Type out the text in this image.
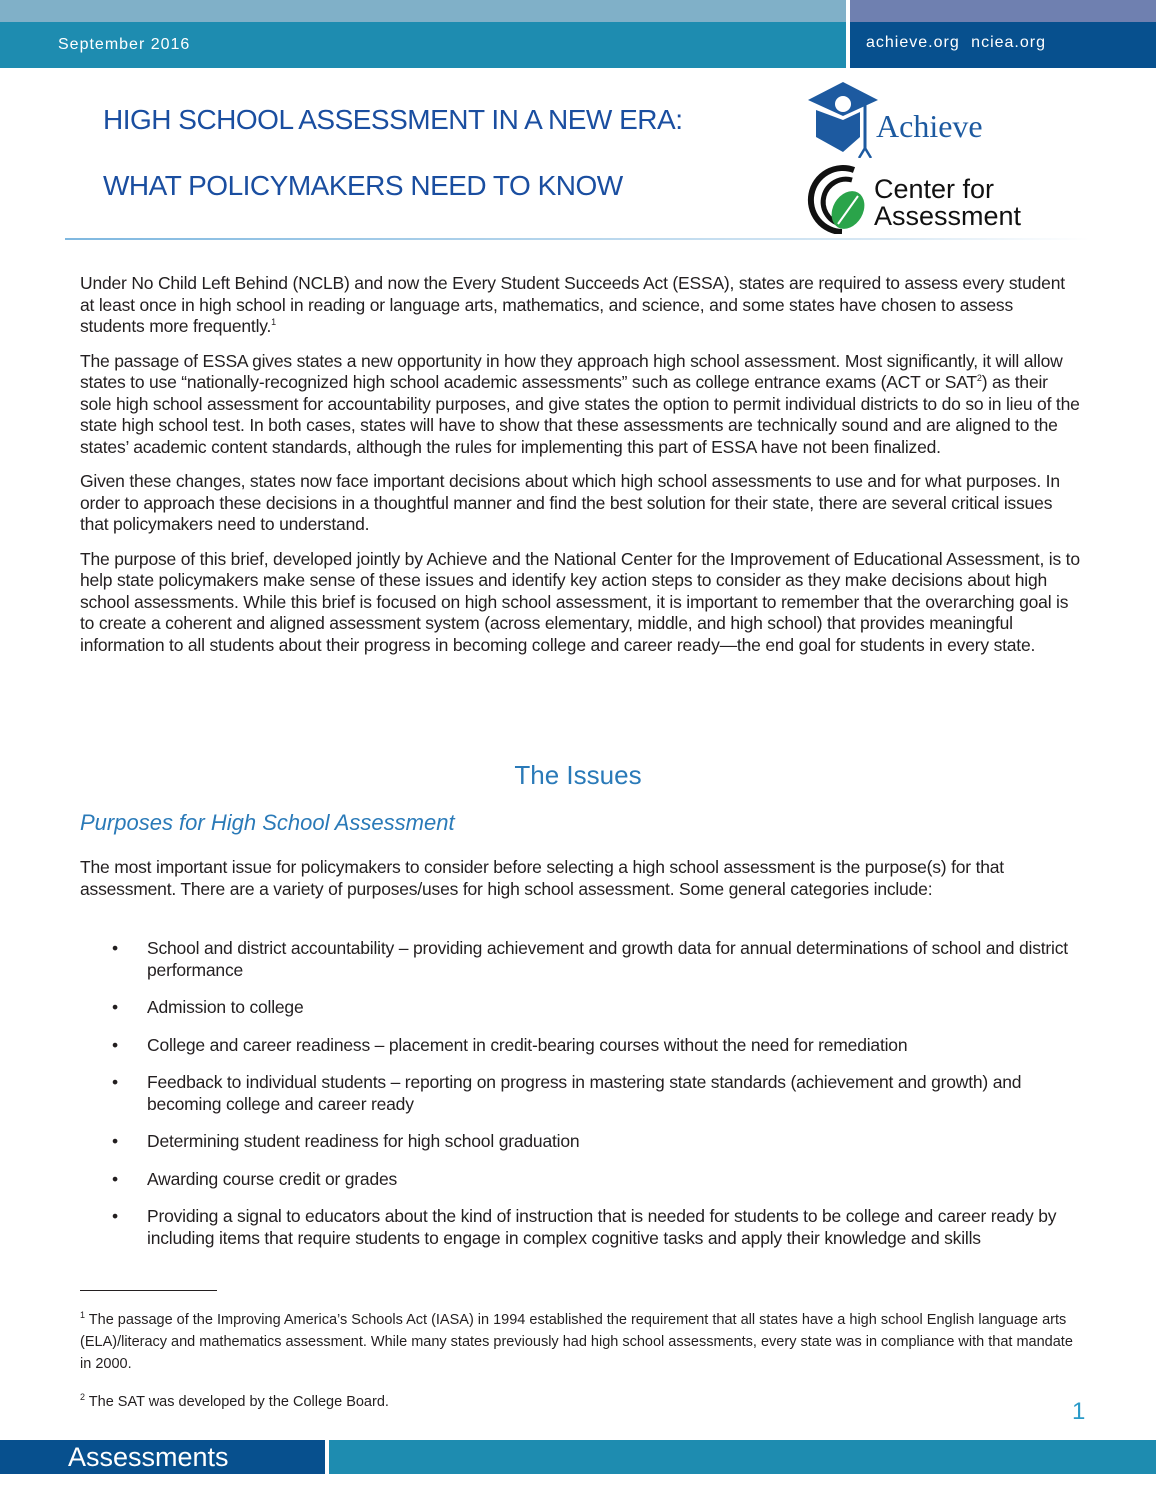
September 2016	achieve.org nciea.org
HIGH SCHOOL ASSESSMENT IN A NEW ERA:
WHAT POLICYMAKERS NEED TO KNOW
Achieve
Center for
Assessment

Under No Child Left Behind (NCLB) and now the Every Student Succeeds Act (ESSA), states are required to assess every student at least once in high school in reading or language arts, mathematics, and science, and some states have chosen to assess students more frequently.$^1$

The passage of ESSA gives states a new opportunity in how they approach high school assessment. Most significantly, it will allow states to use “nationally-recognized high school academic assessments” such as college entrance exams (ACT or SAT$^2$) as their sole high school assessment for accountability purposes, and give states the option to permit individual districts to do so in lieu of the state high school test. In both cases, states will have to show that these assessments are technically sound and are aligned to the states’ academic content standards, although the rules for implementing this part of ESSA have not been finalized.

Given these changes, states now face important decisions about which high school assessments to use and for what purposes. In order to approach these decisions in a thoughtful manner and find the best solution for their state, there are several critical issues that policymakers need to understand.

The purpose of this brief, developed jointly by Achieve and the National Center for the Improvement of Educational Assessment, is to help state policymakers make sense of these issues and identify key action steps to consider as they make decisions about high school assessments. While this brief is focused on high school assessment, it is important to remember that the overarching goal is to create a coherent and aligned assessment system (across elementary, middle, and high school) that provides meaningful information to all students about their progress in becoming college and career ready—the end goal for students in every state.

The Issues
Purposes for High School Assessment
The most important issue for policymakers to consider before selecting a high school assessment is the purpose(s) for that assessment. There are a variety of purposes/uses for high school assessment. Some general categories include:
• School and district accountability – providing achievement and growth data for annual determinations of school and district performance
• Admission to college
• College and career readiness – placement in credit-bearing courses without the need for remediation
• Feedback to individual students – reporting on progress in mastering state standards (achievement and growth) and becoming college and career ready
• Determining student readiness for high school graduation
• Awarding course credit or grades
• Providing a signal to educators about the kind of instruction that is needed for students to be college and career ready by including items that require students to engage in complex cognitive tasks and apply their knowledge and skills
$^1$ The passage of the Improving America’s Schools Act (IASA) in 1994 established the requirement that all states have a high school English language arts (ELA)/literacy and mathematics assessment. While many states previously had high school assessments, every state was in compliance with that mandate in 2000.
$^2$ The SAT was developed by the College Board.	1
Assessments
